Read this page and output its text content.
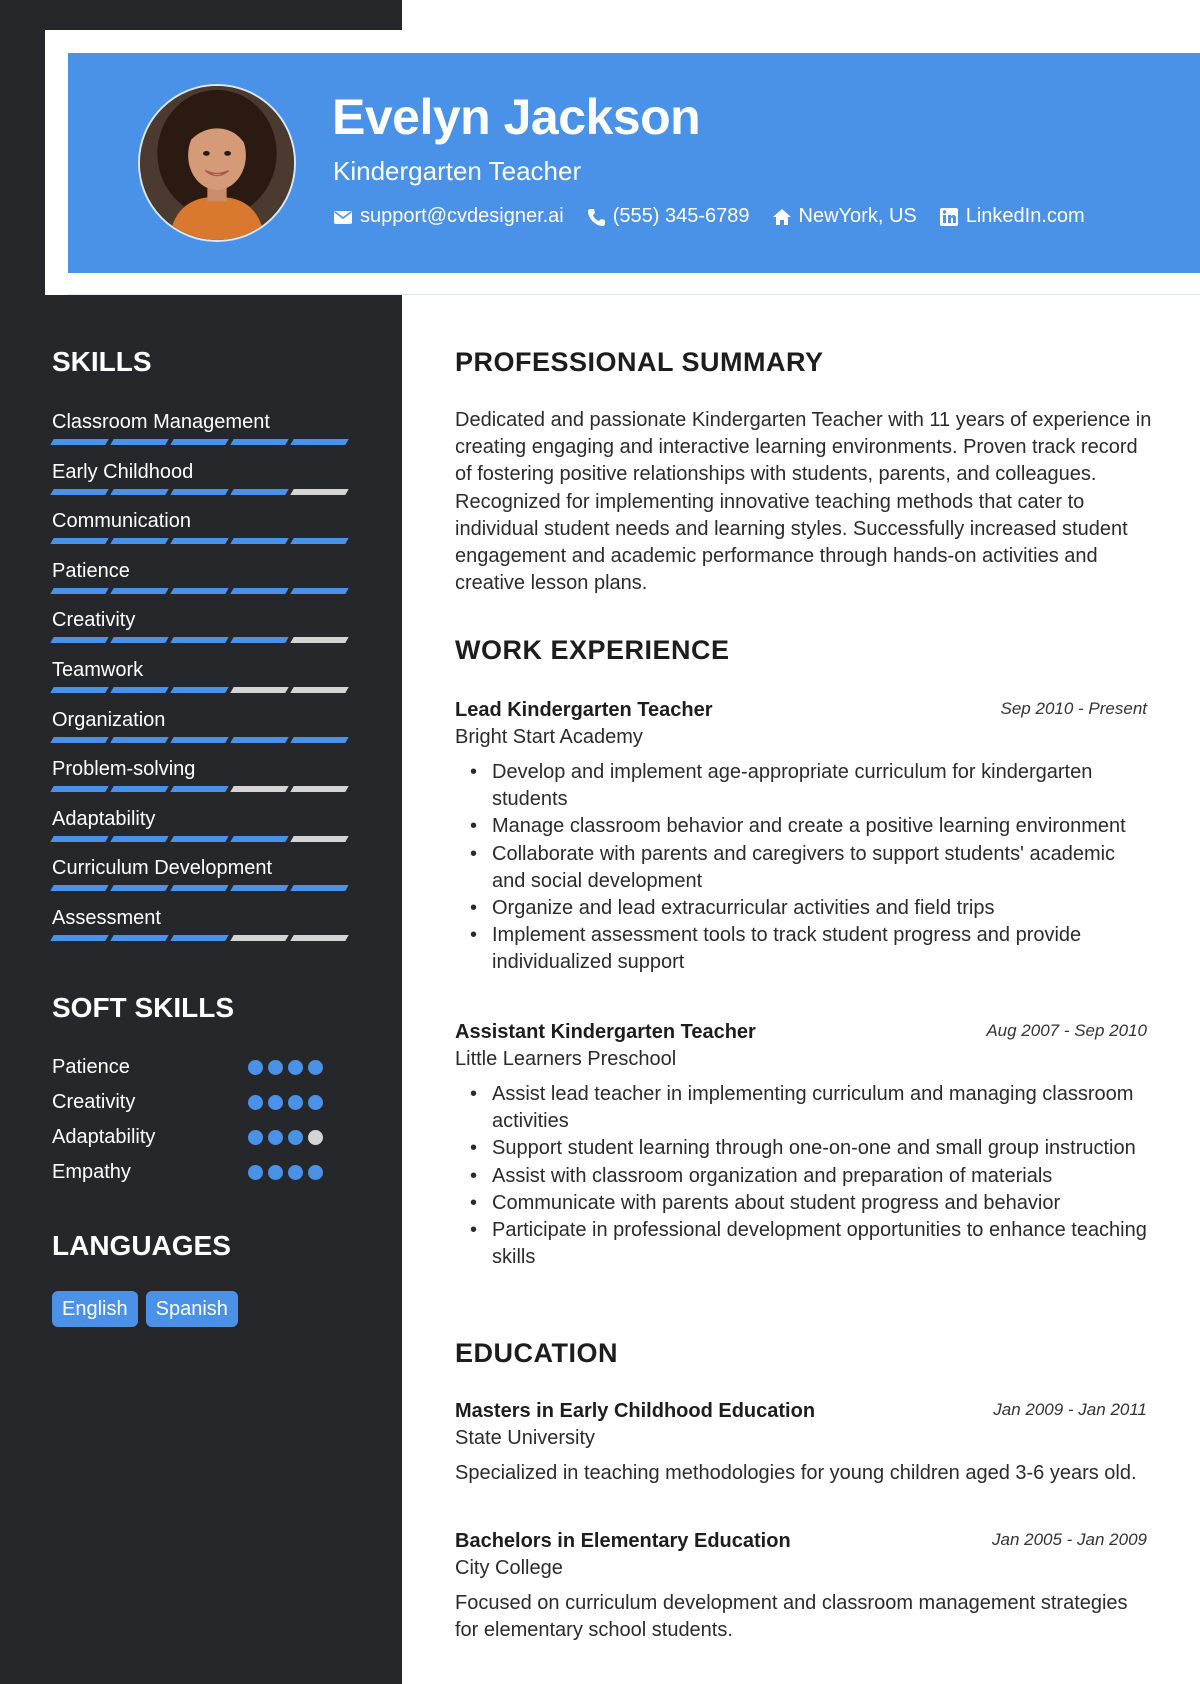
Evelyn Jackson
Kindergarten Teacher
support@cvdesigner.ai (555) 345-6789 NewYork, US LinkedIn.com
SKILLS
Classroom Management
Early Childhood
Communication
Patience
Creativity
Teamwork
Organization
Problem-solving
Adaptability
Curriculum Development
Assessment
SOFT SKILLS
Patience
Creativity
Adaptability
Empathy
LANGUAGES
English	Spanish
PROFESSIONAL SUMMARY
Dedicated and passionate Kindergarten Teacher with 11 years of experience in creating engaging and interactive learning environments. Proven track record of fostering positive relationships with students, parents, and colleagues. Recognized for implementing innovative teaching methods that cater to individual student needs and learning styles. Successfully increased student engagement and academic performance through hands-on activities and creative lesson plans.
WORK EXPERIENCE
Lead Kindergarten Teacher	Sep 2010 - Present
Bright Start Academy
• Develop and implement age-appropriate curriculum for kindergarten students
• Manage classroom behavior and create a positive learning environment
• Collaborate with parents and caregivers to support students' academic and social development
• Organize and lead extracurricular activities and field trips
• Implement assessment tools to track student progress and provide individualized support
Assistant Kindergarten Teacher	Aug 2007 - Sep 2010
Little Learners Preschool
• Assist lead teacher in implementing curriculum and managing classroom activities
• Support student learning through one-on-one and small group instruction
• Assist with classroom organization and preparation of materials
• Communicate with parents about student progress and behavior
• Participate in professional development opportunities to enhance teaching skills
EDUCATION
Masters in Early Childhood Education	Jan 2009 - Jan 2011
State University
Specialized in teaching methodologies for young children aged 3-6 years old.
Bachelors in Elementary Education	Jan 2005 - Jan 2009
City College
Focused on curriculum development and classroom management strategies for elementary school students.
